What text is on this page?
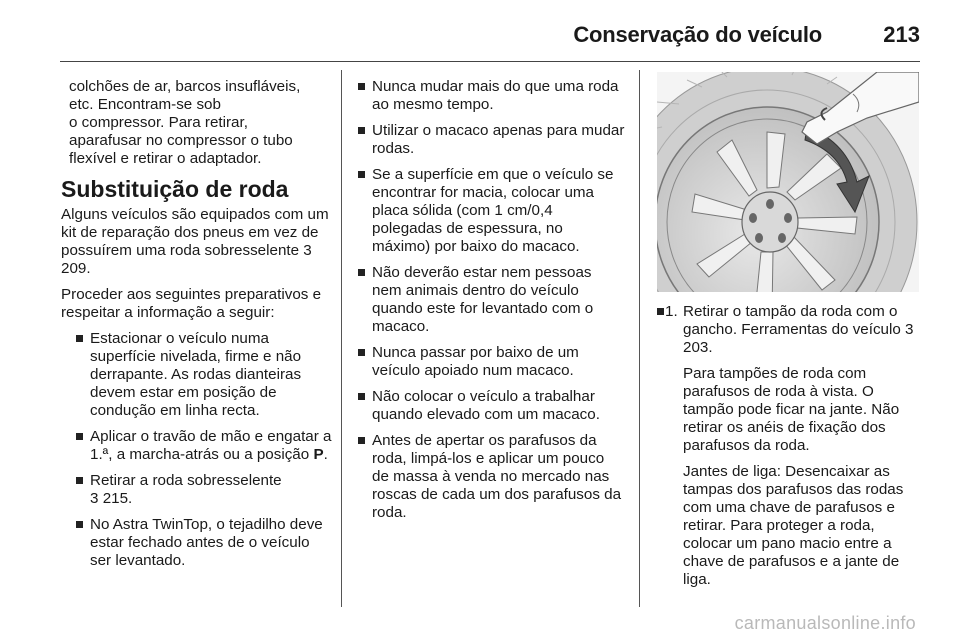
Conservação do veículo	213
colchões de ar, barcos insufláveis,
etc. Encontram-se sob
o compressor. Para retirar,
aparafusar no compressor o tubo
flexível e retirar o adaptador.
Substituição de roda

Alguns veículos são equipados com um kit de reparação dos pneus em vez de possuírem uma roda sobresselente 3 209.

Proceder aos seguintes preparativos e respeitar a informação a seguir:

Estacionar o veículo numa superfície nivelada, firme e não derrapante. As rodas dianteiras devem estar em posição de condução em linha recta.
Aplicar o travão de mão e engatar a 1.ª, a marcha-atrás ou a posição P.
Retirar a roda sobresselente
3 215.
No Astra TwinTop, o tejadilho deve estar fechado antes de o veículo ser levantado.
Nunca mudar mais do que uma roda ao mesmo tempo.
Utilizar o macaco apenas para mudar rodas.
Se a superfície em que o veículo se encontrar for macia, colocar uma placa sólida (com 1 cm/0,4 polegadas de espessura, no máximo) por baixo do macaco.
Não deverão estar nem pessoas nem animais dentro do veículo quando este for levantado com o macaco.
Nunca passar por baixo de um veículo apoiado num macaco.
Não colocar o veículo a trabalhar quando elevado com um macaco.
Antes de apertar os parafusos da roda, limpá-los e aplicar um pouco de massa à venda no mercado nas roscas de cada um dos parafusos da roda.
1. Retirar o tampão da roda com o gancho. Ferramentas do veículo 3 203.

Para tampões de roda com parafusos de roda à vista. O tampão pode ficar na jante. Não retirar os anéis de fixação dos parafusos da roda.

Jantes de liga: Desencaixar as tampas dos parafusos das rodas com uma chave de parafusos e retirar. Para proteger a roda, colocar um pano macio entre a chave de parafusos e a jante de liga.

carmanualsonline.info
